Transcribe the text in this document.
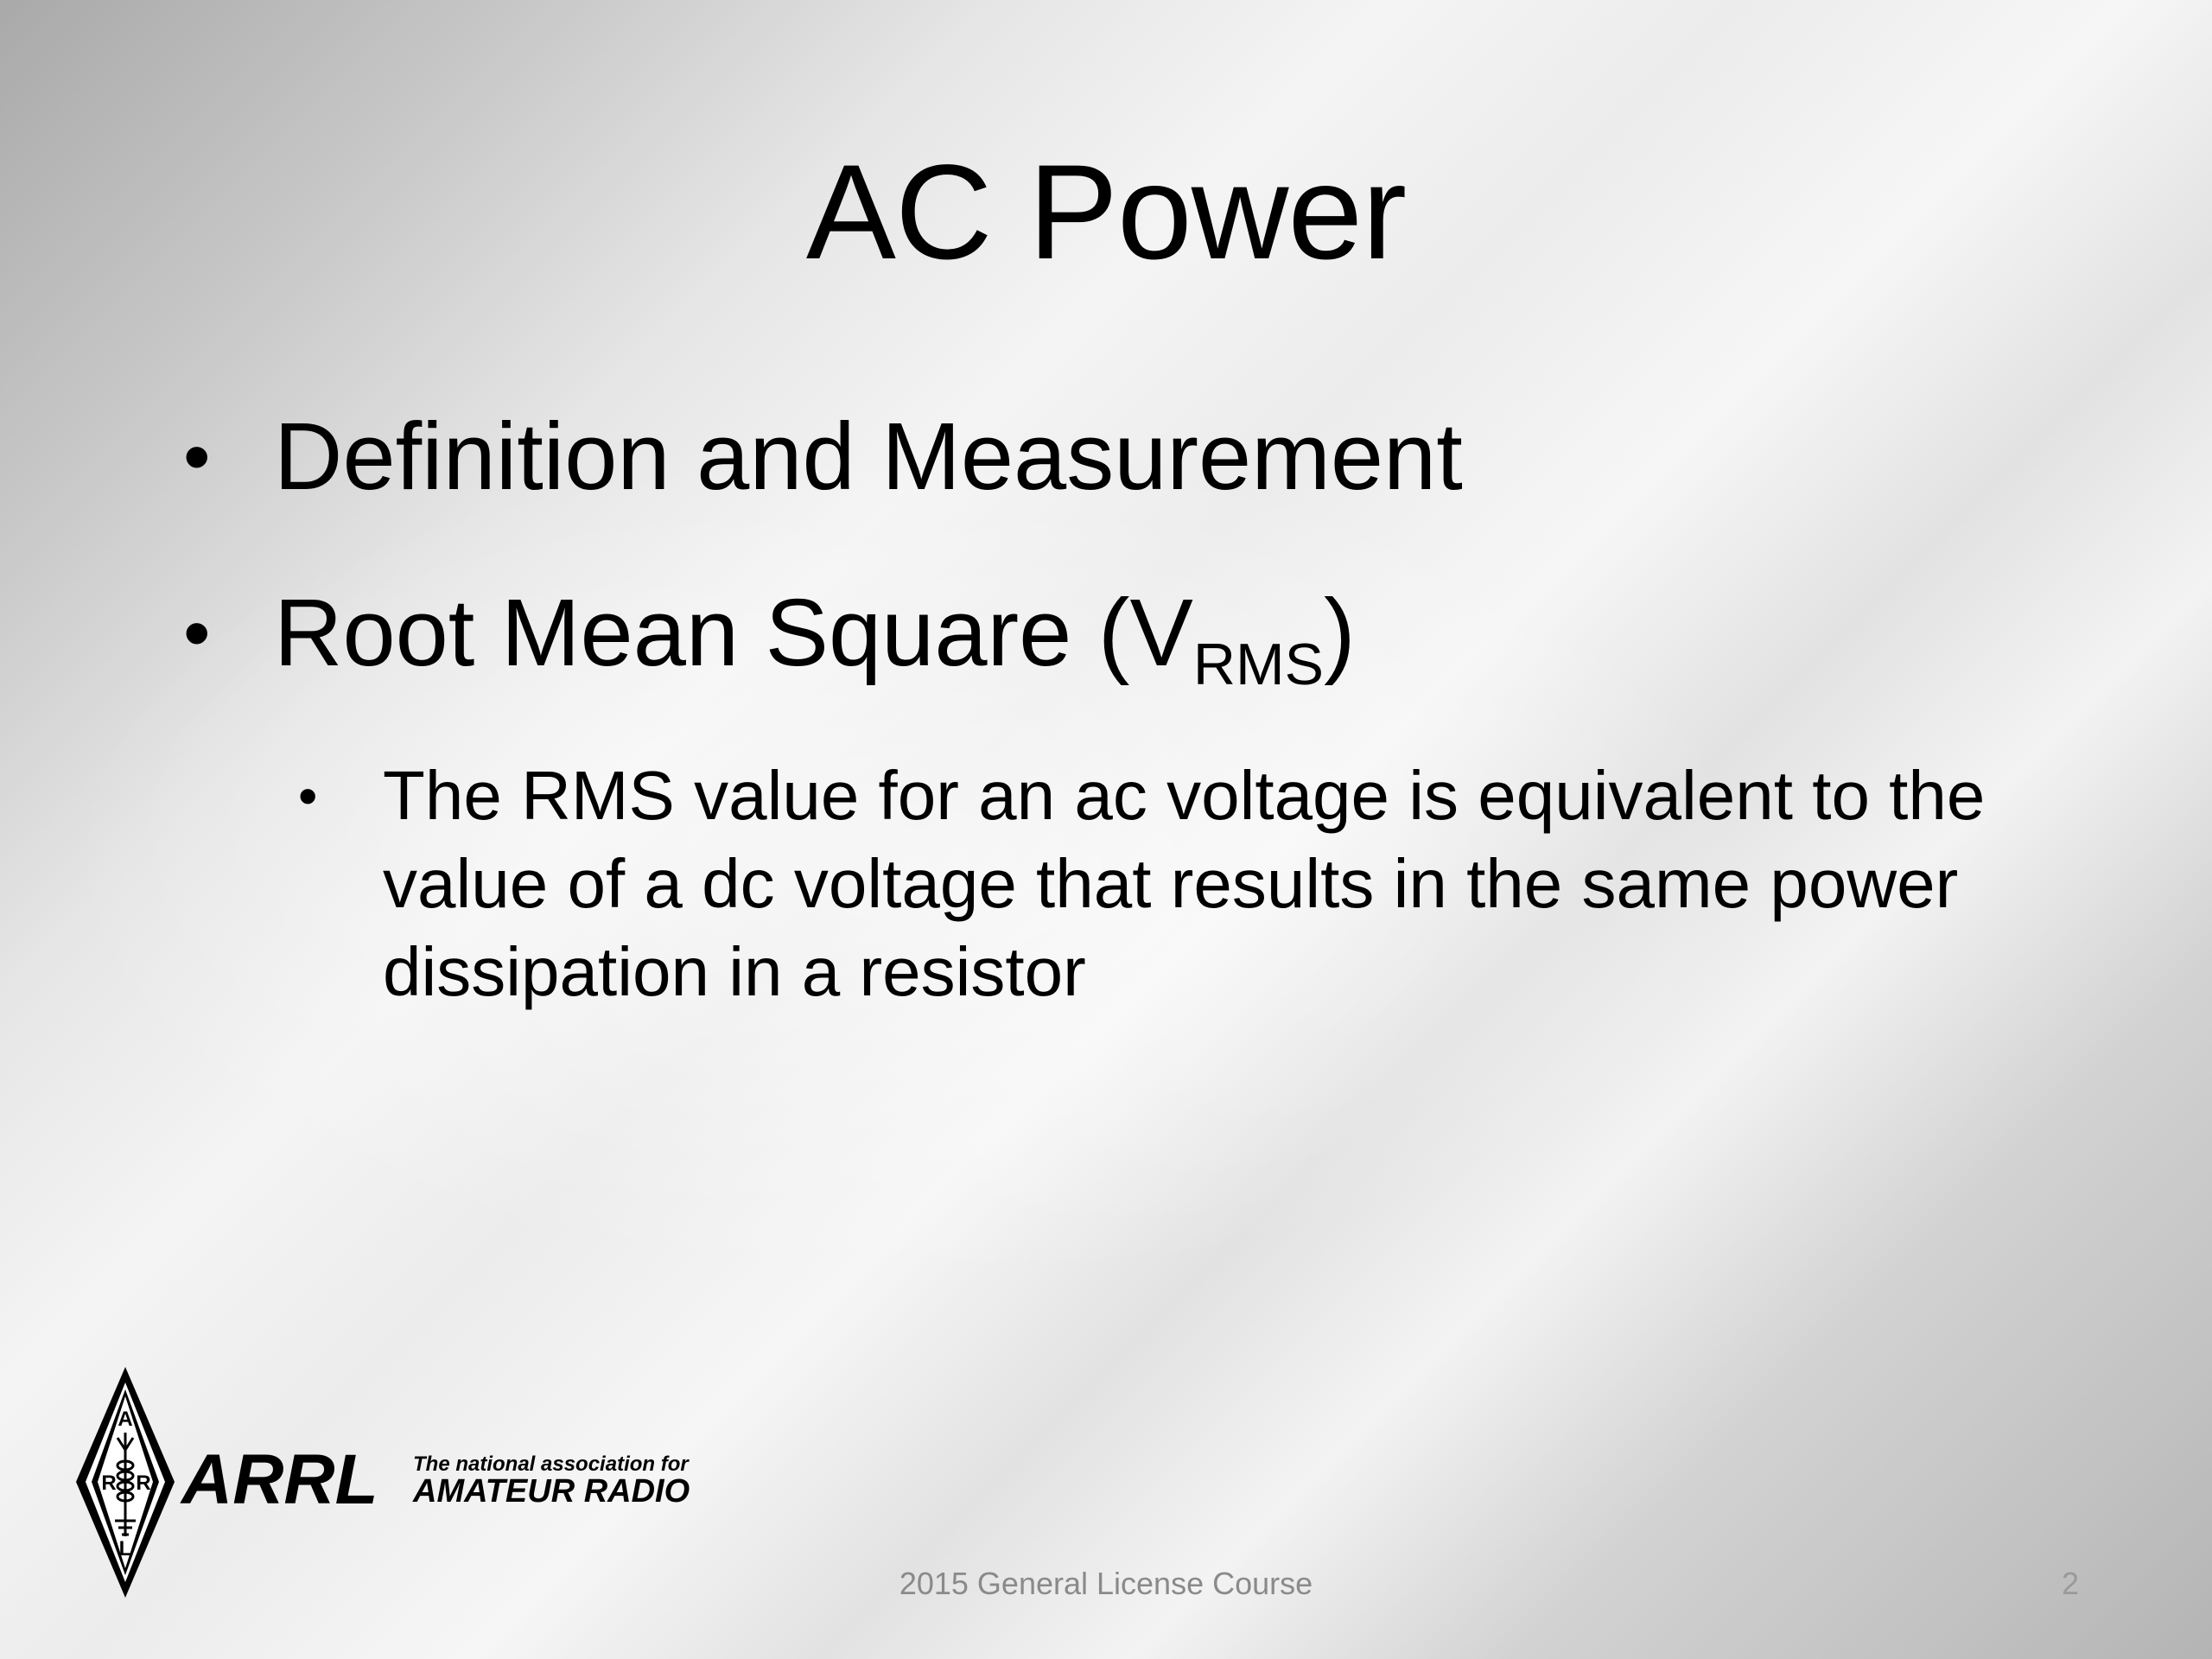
AC Power
• Definition and Measurement
• Root Mean Square $(V_{RMS})$
• The RMS value for an ac voltage is equivalent to the value of a dc voltage that results in the same power dissipation in a resistor
A
R R
L
ARRL The national association for
AMATEUR RADIO
2015 General License Course	2
